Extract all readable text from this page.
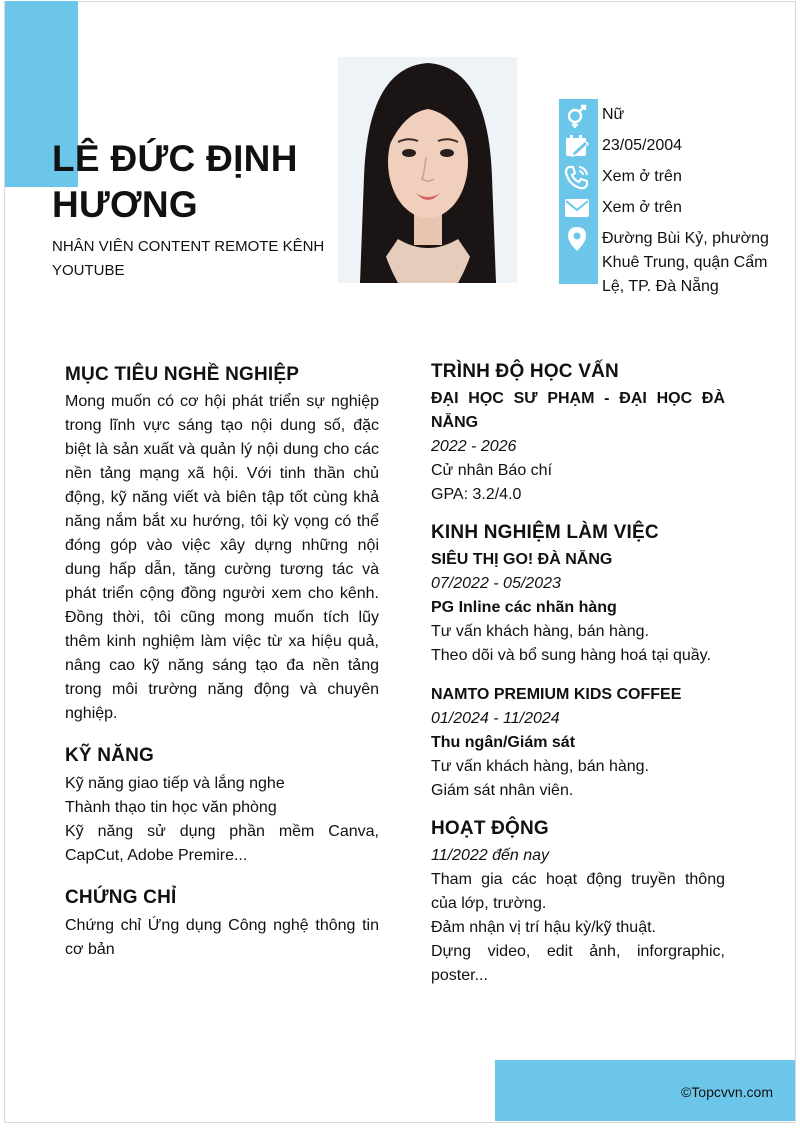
©Topcvvn.com
LÊ ĐỨC ĐỊNH HƯƠNG

NHÂN VIÊN CONTENT REMOTE KÊNH YOUTUBE

Nữ
23/05/2004
Xem ở trên
Xem ở trên
Đường Bùi Kỷ, phường Khuê Trung, quận Cẩm Lệ, TP. Đà Nẵng
MỤC TIÊU NGHỀ NGHIỆP

Mong muốn có cơ hội phát triển sự nghiệp trong lĩnh vực sáng tạo nội dung số, đặc biệt là sản xuất và quản lý nội dung cho các nền tảng mạng xã hội. Với tinh thần chủ động, kỹ năng viết và biên tập tốt cùng khả năng nắm bắt xu hướng, tôi kỳ vọng có thể đóng góp vào việc xây dựng những nội dung hấp dẫn, tăng cường tương tác và phát triển cộng đồng người xem cho kênh. Đồng thời, tôi cũng mong muốn tích lũy thêm kinh nghiệm làm việc từ xa hiệu quả, nâng cao kỹ năng sáng tạo đa nền tảng trong môi trường năng động và chuyên nghiệp.

KỸ NĂNG

Kỹ năng giao tiếp và lắng nghe

Thành thạo tin học văn phòng

Kỹ năng sử dụng phần mềm Canva, CapCut, Adobe Premire...

CHỨNG CHỈ

Chứng chỉ Ứng dụng Công nghệ thông tin cơ bản

TRÌNH ĐỘ HỌC VẤN

ĐẠI HỌC SƯ PHẠM - ĐẠI HỌC ĐÀ NẴNG

2022 - 2026

Cử nhân Báo chí

GPA: 3.2/4.0

KINH NGHIỆM LÀM VIỆC

SIÊU THỊ GO! ĐÀ NẴNG

07/2022 - 05/2023

PG Inline các nhãn hàng

Tư vấn khách hàng, bán hàng.

Theo dõi và bổ sung hàng hoá tại quầy.

NAMTO PREMIUM KIDS COFFEE

01/2024 - 11/2024

Thu ngân/Giám sát

Tư vấn khách hàng, bán hàng.

Giám sát nhân viên.

HOẠT ĐỘNG

11/2022 đến nay

Tham gia các hoạt động truyền thông của lớp, trường.

Đảm nhận vị trí hậu kỳ/kỹ thuật.

Dựng video, edit ảnh, inforgraphic, poster...
